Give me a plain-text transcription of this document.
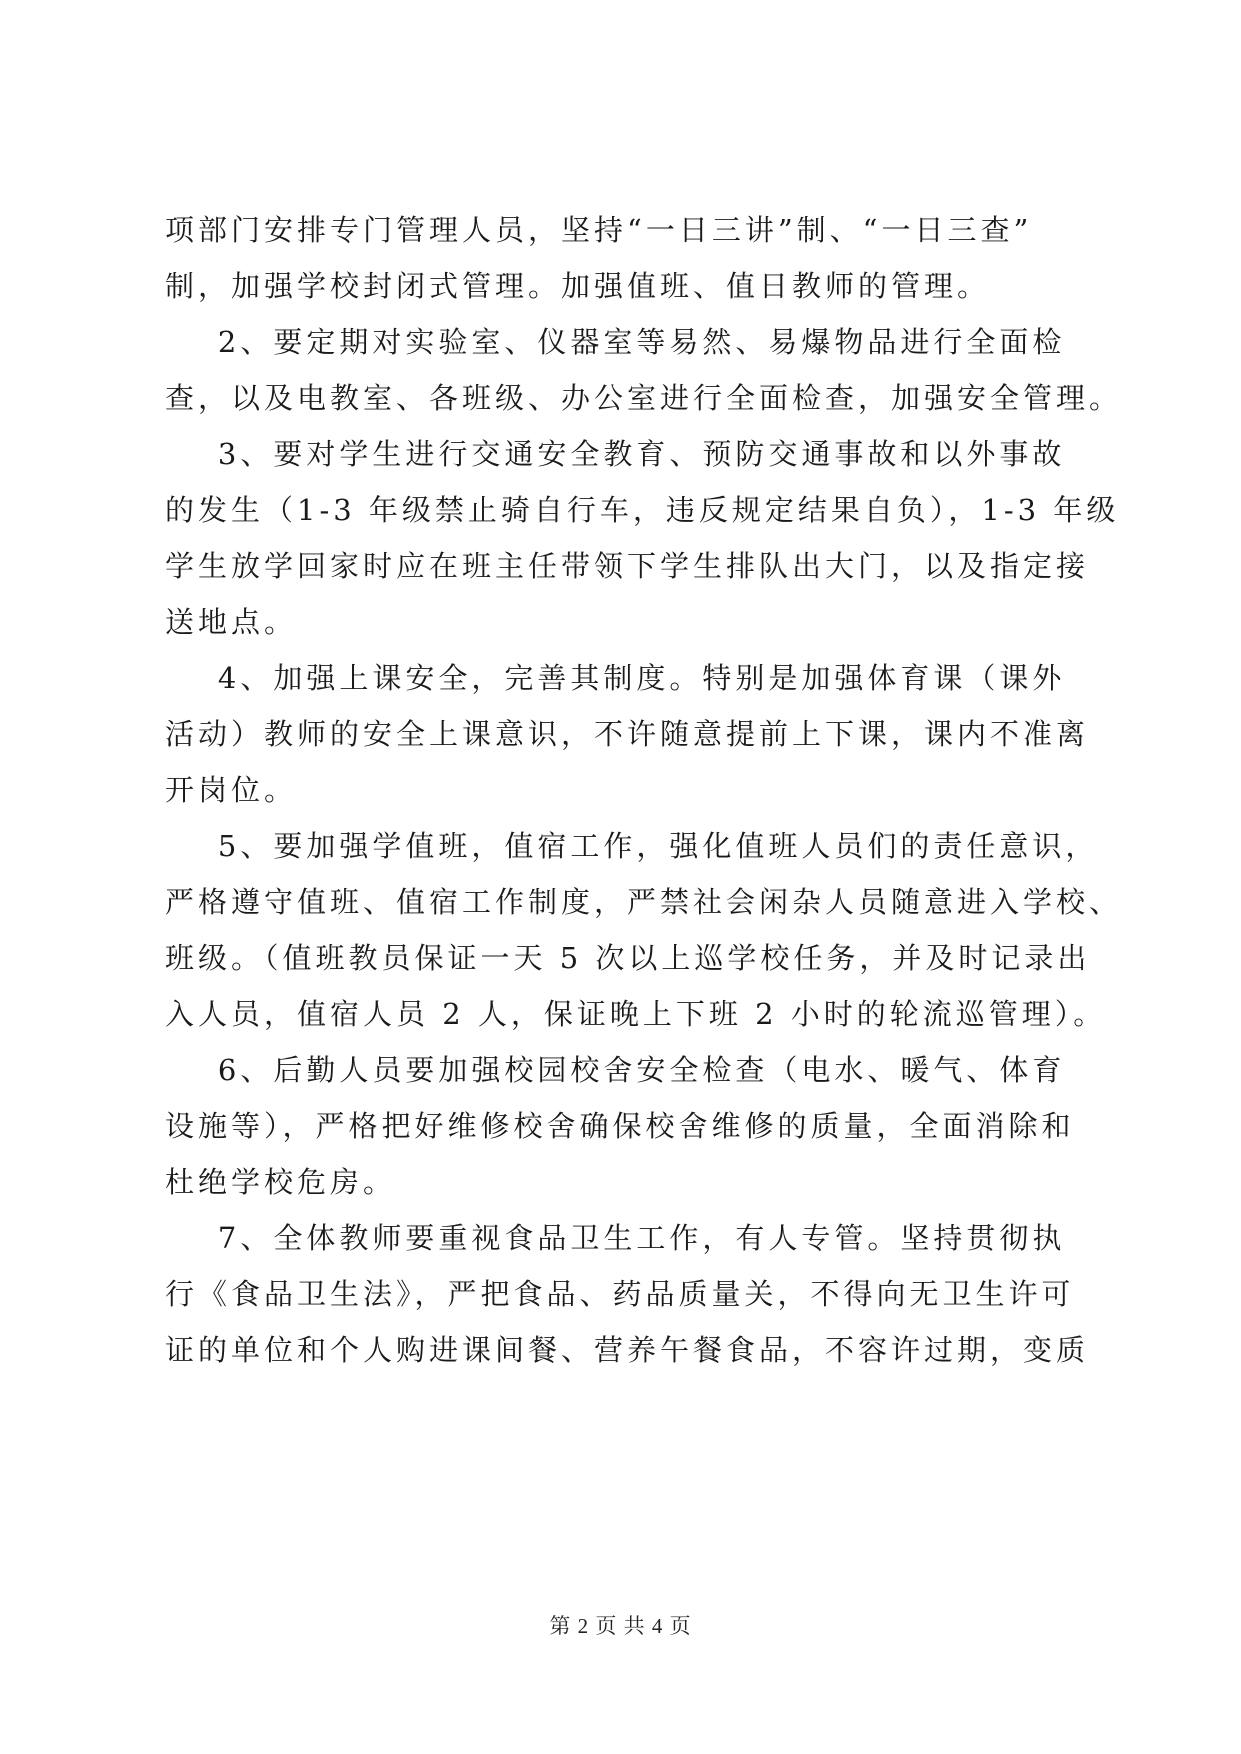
项部门安排专门管理人员，坚持“一日三讲”制、“一日三查”

制，加强学校封闭式管理。加强值班、值日教师的管理。

2、要定期对实验室、仪器室等易然、易爆物品进行全面检

查，以及电教室、各班级、办公室进行全面检查，加强安全管理。

3、要对学生进行交通安全教育、预防交通事故和以外事故

的发生（1-3 年级禁止骑自行车，违反规定结果自负），1-3 年级

学生放学回家时应在班主任带领下学生排队出大门，以及指定接

送地点。

4、加强上课安全，完善其制度。特别是加强体育课（课外

活动）教师的安全上课意识，不许随意提前上下课，课内不准离

开岗位。

5、要加强学值班，值宿工作，强化值班人员们的责任意识，

严格遵守值班、值宿工作制度，严禁社会闲杂人员随意进入学校、

班级。（值班教员保证一天 5 次以上巡学校任务，并及时记录出

入人员，值宿人员 2 人，保证晚上下班 2 小时的轮流巡管理）。

6、后勤人员要加强校园校舍安全检查（电水、暖气、体育

设施等），严格把好维修校舍确保校舍维修的质量，全面消除和

杜绝学校危房。

7、全体教师要重视食品卫生工作，有人专管。坚持贯彻执

行《食品卫生法》，严把食品、药品质量关，不得向无卫生许可

证的单位和个人购进课间餐、营养午餐食品，不容许过期，变质

第 2 页 共 4 页
